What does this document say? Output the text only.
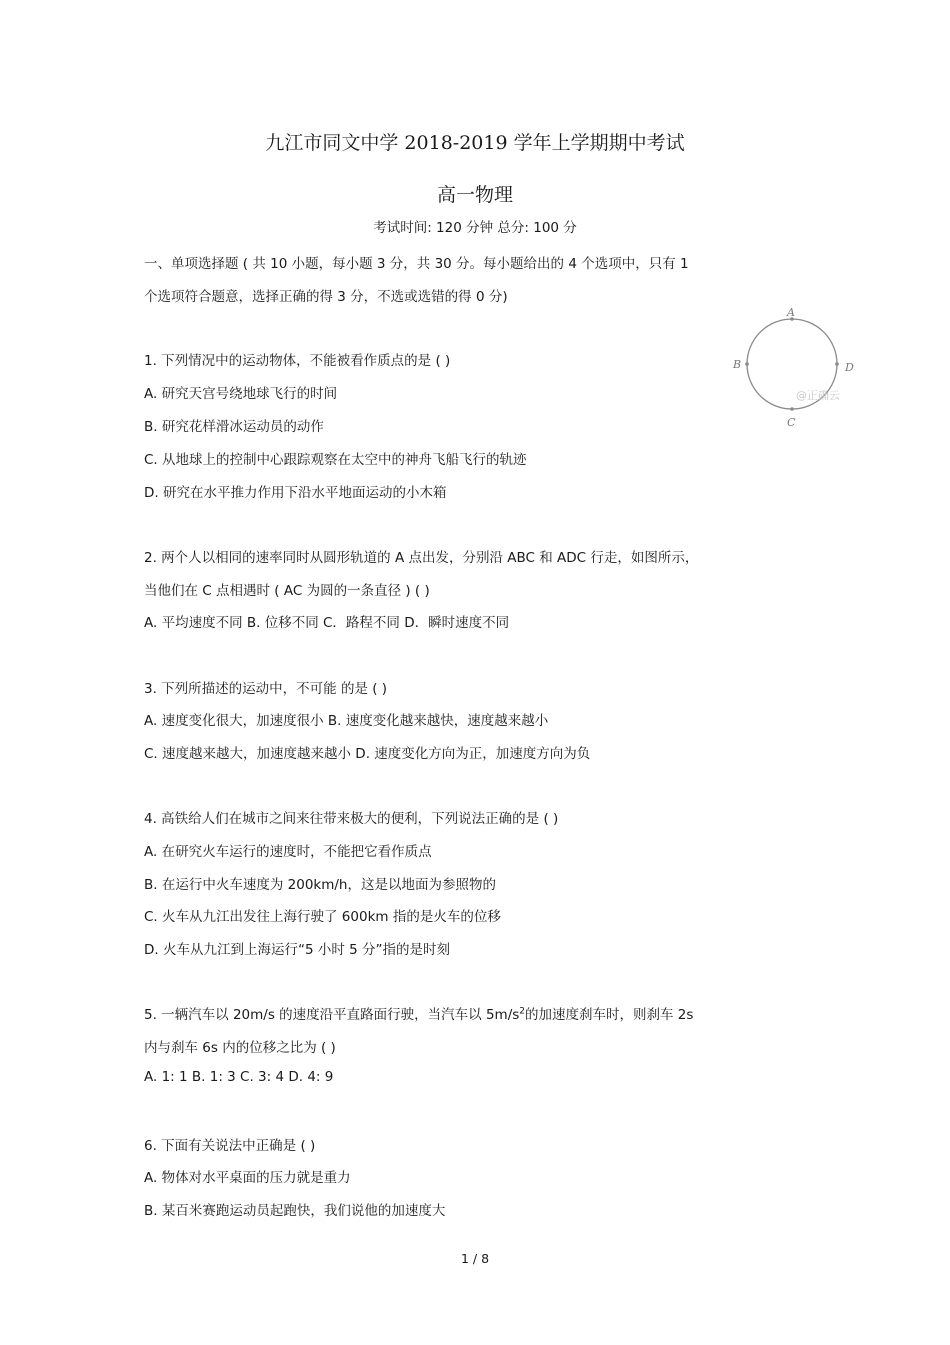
九江市同文中学 2018-2019 学年上学期期中考试
高一物理
考试时间: 120 分钟 总分: 100 分
一、单项选择题 ( 共 10 小题，每小题 3 分，共 30 分。每小题给出的 4 个选项中，只有 1
个选项符合题意，选择正确的得 3 分，不选或选错的得 0 分)
1. 下列情况中的运动物体，不能被看作质点的是 ( )
A. 研究天宫号绕地球飞行的时间
B. 研究花样滑冰运动员的动作
C. 从地球上的控制中心跟踪观察在太空中的神舟飞船飞行的轨迹
D. 研究在水平推力作用下沿水平地面运动的小木箱
A
B	D
C
@正确云
2. 两个人以相同的速率同时从圆形轨道的 A 点出发，分别沿 ABC 和 ADC 行走，如图所示，
当他们在 C 点相遇时 ( AC 为圆的一条直径 ) ( )
A. 平均速度不同 B. 位移不同 C．路程不同 D．瞬时速度不同
3. 下列所描述的运动中，不可能 的是 ( )
A. 速度变化很大，加速度很小 B. 速度变化越来越快，速度越来越小
C. 速度越来越大，加速度越来越小 D. 速度变化方向为正，加速度方向为负
4. 高铁给人们在城市之间来往带来极大的便利，下列说法正确的是 ( )
A. 在研究火车运行的速度时，不能把它看作质点
B. 在运行中火车速度为 200km/h，这是以地面为参照物的
C. 火车从九江出发往上海行驶了 600km 指的是火车的位移
D. 火车从九江到上海运行“5 小时 5 分”指的是时刻
5. 一辆汽车以 20m/s 的速度沿平直路面行驶，当汽车以 $5m/s^2$的加速度刹车时，则刹车 2s
内与刹车 6s 内的位移之比为 ( )
A. 1: 1 B. 1: 3 C. 3: 4 D. 4: 9
6. 下面有关说法中正确是 ( )
A. 物体对水平桌面的压力就是重力
B. 某百米赛跑运动员起跑快，我们说他的加速度大
1 / 8
